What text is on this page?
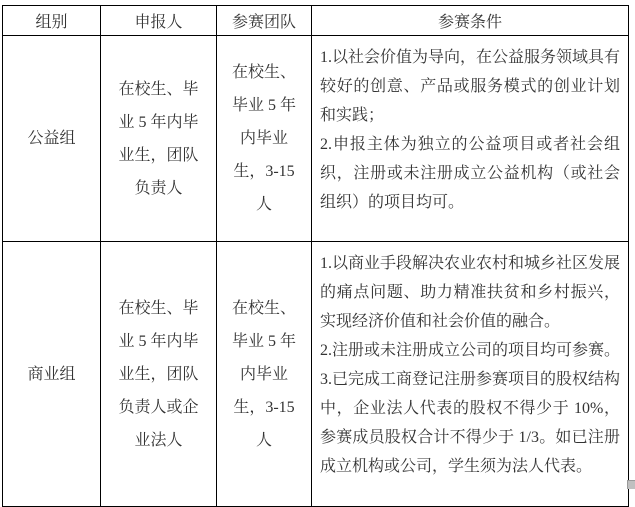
组别	申报人	参赛团队	参赛条件
公益组	在校生、毕业 5 年内毕业生，团队负责人	在校生、毕业 5 年内毕业生，3-15 人	1.以社会价值为导向，在公益服务领域具有较好的创意、产品或服务模式的创业计划和实践；

2.申报主体为独立的公益项目或者社会组织，注册或未注册成立公益机构（或社会组织）的项目均可。

商业组	在校生、毕业 5 年内毕业生，团队负责人或企业法人	在校生、毕业 5 年内毕业生，3-15 人	1.以商业手段解决农业农村和城乡社区发展的痛点问题、助力精准扶贫和乡村振兴，实现经济价值和社会价值的融合。

2.注册或未注册成立公司的项目均可参赛。

3.已完成工商登记注册参赛项目的股权结构中，企业法人代表的股权不得少于 10%，参赛成员股权合计不得少于 1/3。如已注册成立机构或公司，学生须为法人代表。
